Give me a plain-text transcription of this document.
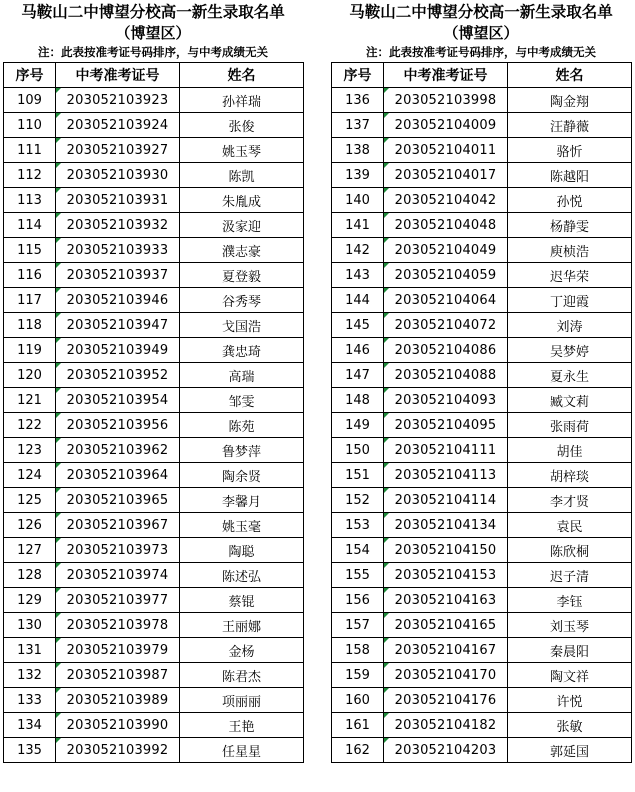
马鞍山二中博望分校高一新生录取名单
（博望区）
注：此表按准考证号码排序，与中考成绩无关
序号	中考准考证号	姓名
109	203052103923	孙祥瑞
110	203052103924	张俊
111	203052103927	姚玉琴
112	203052103930	陈凯
113	203052103931	朱胤成
114	203052103932	汲家迎
115	203052103933	濮志豪
116	203052103937	夏登毅
117	203052103946	谷秀琴
118	203052103947	戈国浩
119	203052103949	龚忠琦
120	203052103952	高瑞
121	203052103954	邹雯
122	203052103956	陈苑
123	203052103962	鲁梦萍
124	203052103964	陶余贤
125	203052103965	李馨月
126	203052103967	姚玉毫
127	203052103973	陶聪
128	203052103974	陈述弘
129	203052103977	蔡锟
130	203052103978	王丽娜
131	203052103979	金杨
132	203052103987	陈君杰
133	203052103989	项丽丽
134	203052103990	王艳
135	203052103992	任星星
马鞍山二中博望分校高一新生录取名单
（博望区）
注：此表按准考证号码排序，与中考成绩无关
序号	中考准考证号	姓名
136	203052103998	陶金翔
137	203052104009	汪静薇
138	203052104011	骆忻
139	203052104017	陈越阳
140	203052104042	孙悦
141	203052104048	杨静雯
142	203052104049	庾桢浩
143	203052104059	迟华荣
144	203052104064	丁迎霞
145	203052104072	刘涛
146	203052104086	吴梦婷
147	203052104088	夏永生
148	203052104093	臧文莉
149	203052104095	张雨荷
150	203052104111	胡佳
151	203052104113	胡梓琰
152	203052104114	李才贤
153	203052104134	袁民
154	203052104150	陈欣桐
155	203052104153	迟子清
156	203052104163	李钰
157	203052104165	刘玉琴
158	203052104167	秦晨阳
159	203052104170	陶文祥
160	203052104176	许悦
161	203052104182	张敏
162	203052104203	郭延国
